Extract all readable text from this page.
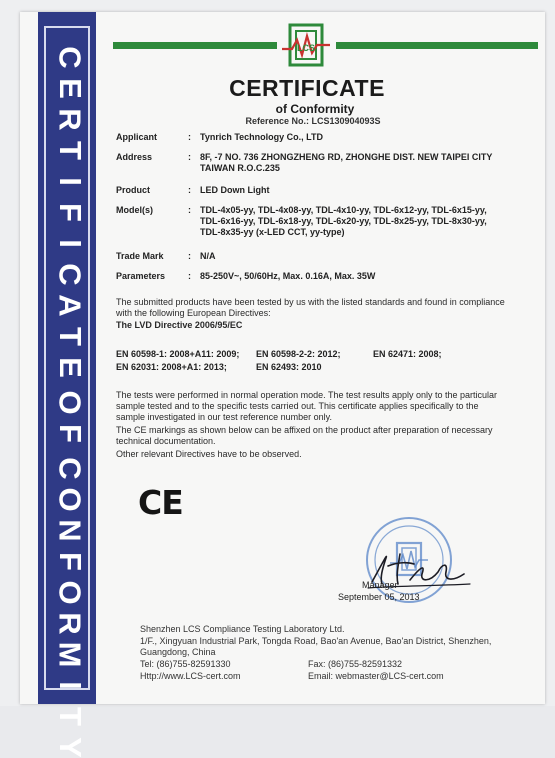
C
E
R
T
I
F
I
C
A
T
E

O
F

C
O
N
F
O
R
M
I
T
Y
LCS
CERTIFICATE
of Conformity
Reference No.: LCS130904093S
Applicant	: Tynrich Technology Co., LTD
Address	: 8F, -7 NO. 736 ZHONGZHENG RD, ZHONGHE DIST. NEW TAIPEI CITY
TAIWAN R.O.C.235
Product	: LED Down Light
Model(s)	: TDL-4x05-yy, TDL-4x08-yy, TDL-4x10-yy, TDL-6x12-yy, TDL-6x15-yy,
TDL-6x16-yy, TDL-6x18-yy, TDL-6x20-yy, TDL-8x25-yy, TDL-8x30-yy,
TDL-8x35-yy (x-LED CCT, yy-type)
Trade Mark	: N/A
Parameters	: 85-250V~, 50/60Hz, Max. 0.16A, Max. 35W
The submitted products have been tested by us with the listed standards and found in compliance
with the following European Directives:
The LVD Directive 2006/95/EC
EN 60598-1: 2008+A11: 2009; EN 60598-2-2: 2012;	EN 62471: 2008;
EN 62031: 2008+A1: 2013;	EN 62493: 2010
The tests were performed in normal operation mode. The test results apply only to the particular
sample tested and to the specific tests carried out. This certificate applies specifically to the
sample investigated in our test reference number only.
The CE markings as shown below can be affixed on the product after preparation of necessary
technical documentation.
Other relevant Directives have to be observed.
CE
Manager
September 05, 2013
Shenzhen LCS Compliance Testing Laboratory Ltd.
1/F., Xingyuan Industrial Park, Tongda Road, Bao'an Avenue, Bao'an District, Shenzhen,
Guangdong, China
Tel: (86)755-82591330	Fax: (86)755-82591332
Http://www.LCS-cert.com	Email: webmaster@LCS-cert.com
